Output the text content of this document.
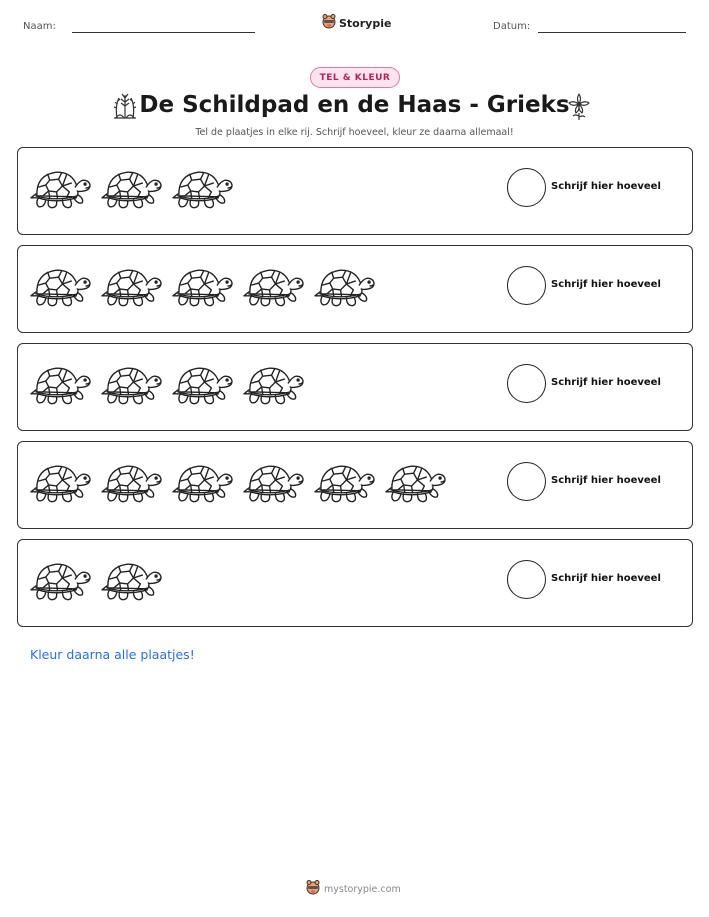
Naam:	Storypie	Datum:
TEL & KLEUR
De Schildpad en de Haas - Grieks
Tel de plaatjes in elke rij. Schrijf hoeveel, kleur ze daarna allemaal!
Schrijf hier hoeveel
Schrijf hier hoeveel
Schrijf hier hoeveel
Schrijf hier hoeveel
Schrijf hier hoeveel
Kleur daarna alle plaatjes!
mystorypie.com
